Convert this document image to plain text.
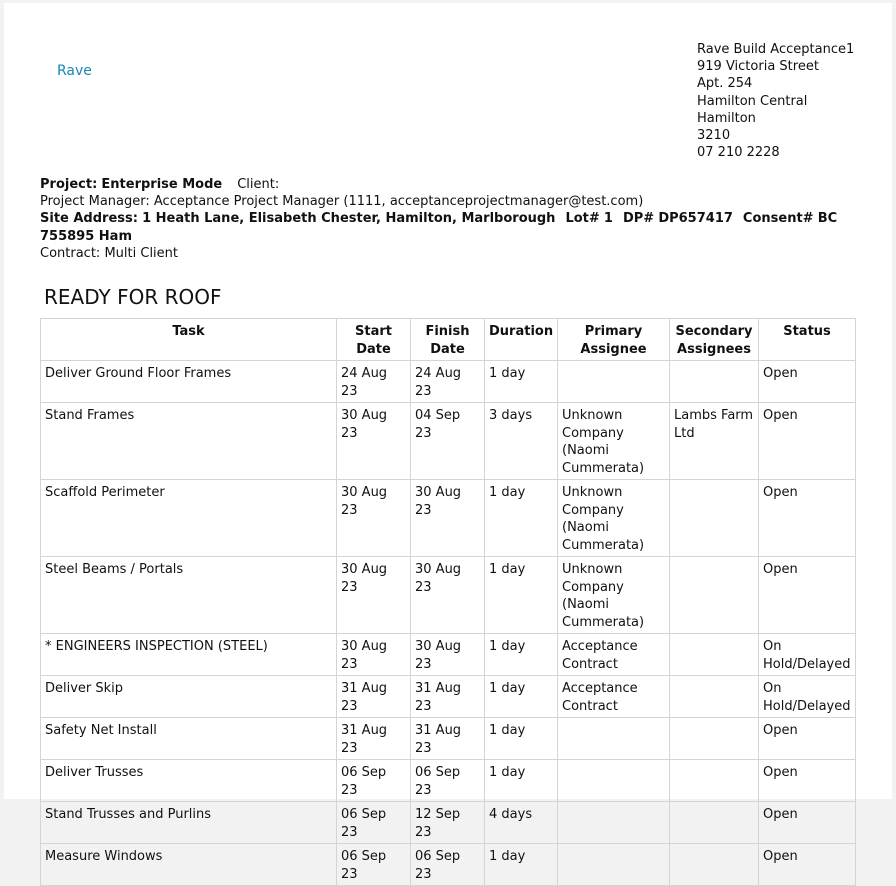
Rave
Rave Build Acceptance1
919 Victoria Street
Apt. 254
Hamilton Central
Hamilton
3210
07 210 2228
Project: Enterprise Mode Client:
Project Manager: Acceptance Project Manager (1111, acceptanceprojectmanager@test.com)
Site Address: 1 Heath Lane, Elisabeth Chester, Hamilton, Marlborough Lot# 1 DP# DP657417 Consent# BC 755895 Ham
Contract: Multi Client
READY FOR ROOF
Task	Start Date	Finish Date	Duration	Primary Assignee	Secondary Assignees	Status
Deliver Ground Floor Frames	24 Aug 23	24 Aug 23	1 day			Open
Stand Frames	30 Aug 23	04 Sep 23	3 days	Unknown Company (Naomi Cummerata)	Lambs Farm Ltd	Open
Scaffold Perimeter	30 Aug 23	30 Aug 23	1 day	Unknown Company (Naomi Cummerata)		Open
Steel Beams / Portals	30 Aug 23	30 Aug 23	1 day	Unknown Company (Naomi Cummerata)		Open
* ENGINEERS INSPECTION (STEEL)	30 Aug 23	30 Aug 23	1 day	Acceptance Contract		On Hold/Delayed
Deliver Skip	31 Aug 23	31 Aug 23	1 day	Acceptance Contract		On Hold/Delayed
Safety Net Install	31 Aug 23	31 Aug 23	1 day			Open
Deliver Trusses	06 Sep 23	06 Sep 23	1 day			Open
Stand Trusses and Purlins	06 Sep 23	12 Sep 23	4 days			Open
Measure Windows	06 Sep 23	06 Sep 23	1 day			Open
